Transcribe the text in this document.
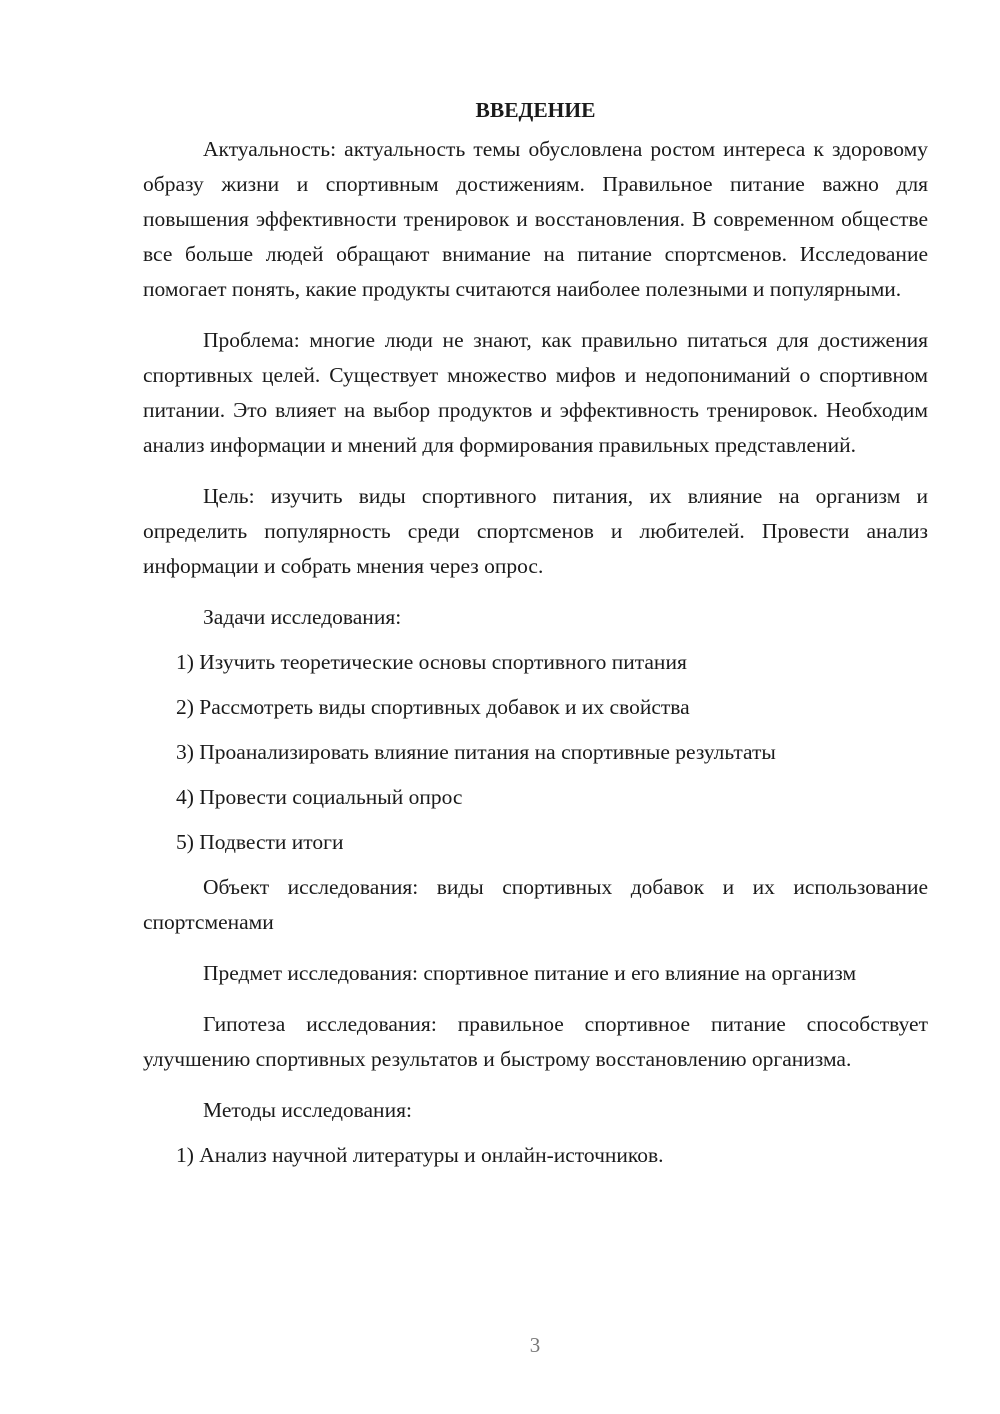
ВВЕДЕНИЕ

Актуальность: актуальность темы обусловлена ростом интереса к здоровому образу жизни и спортивным достижениям. Правильное питание важно для повышения эффективности тренировок и восстановления. В современном обществе все больше людей обращают внимание на питание спортсменов. Исследование помогает понять, какие продукты считаются наиболее полезными и популярными.

Проблема: многие люди не знают, как правильно питаться для достижения спортивных целей. Существует множество мифов и недопониманий о спортивном питании. Это влияет на выбор продуктов и эффективность тренировок. Необходим анализ информации и мнений для формирования правильных представлений.

Цель: изучить виды спортивного питания, их влияние на организм и определить популярность среди спортсменов и любителей. Провести анализ информации и собрать мнения через опрос.

Задачи исследования:

1) Изучить теоретические основы спортивного питания
2) Рассмотреть виды спортивных добавок и их свойства
3) Проанализировать влияние питания на спортивные результаты
4) Провести социальный опрос
5) Подвести итоги

Объект исследования: виды спортивных добавок и их использование спортсменами

Предмет исследования: спортивное питание и его влияние на организм

Гипотеза исследования: правильное спортивное питание способствует улучшению спортивных результатов и быстрому восстановлению организма.

Методы исследования:

1) Анализ научной литературы и онлайн-источников.
3
